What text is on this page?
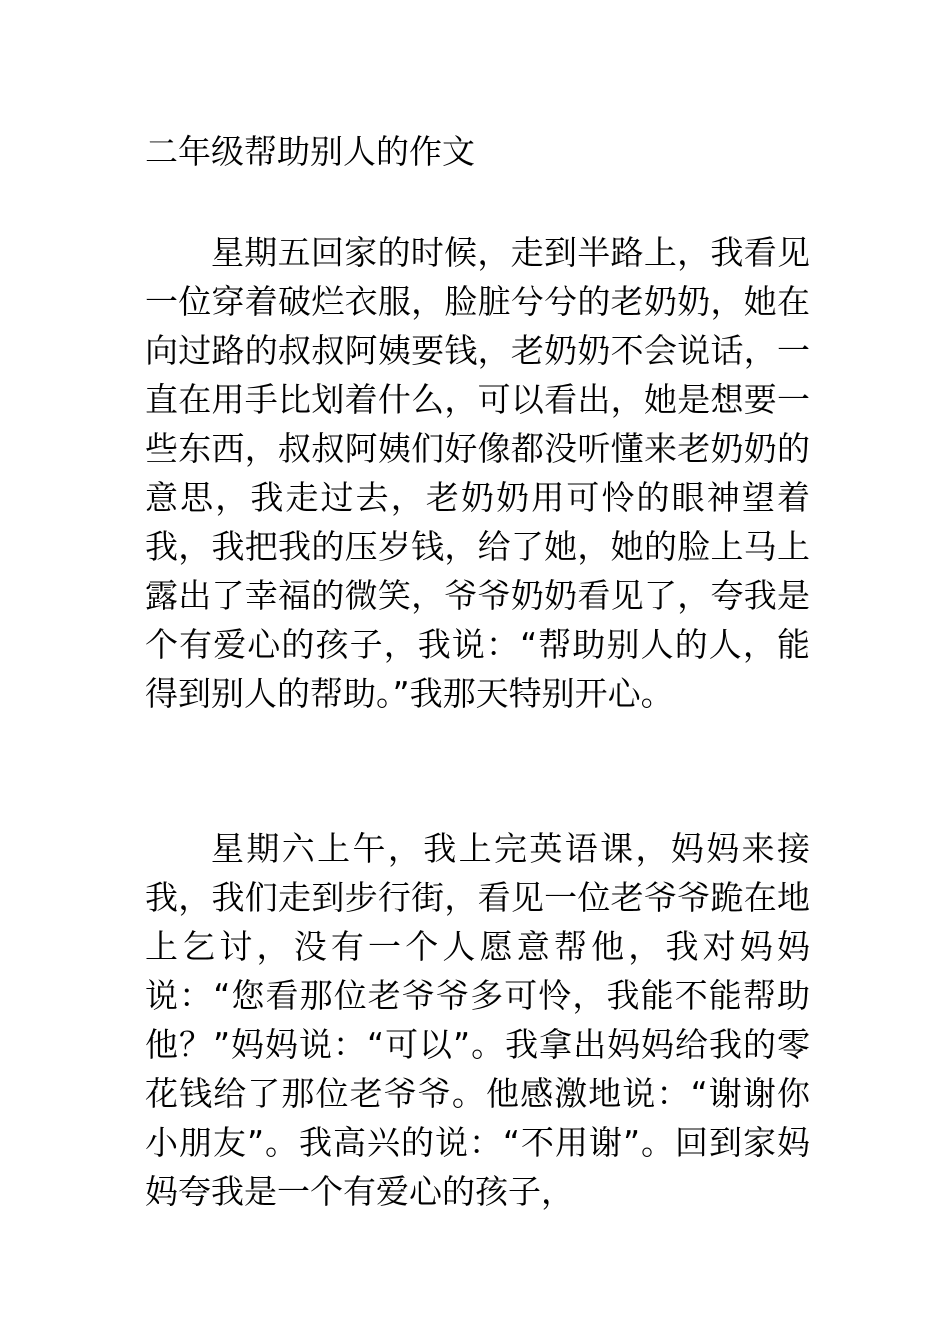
二年级帮助别人的作文

星期五回家的时候，走到半路上，我看见一位穿着破烂衣服，脸脏兮兮的老奶奶，她在向过路的叔叔阿姨要钱，老奶奶不会说话，一直在用手比划着什么，可以看出，她是想要一些东西，叔叔阿姨们好像都没听懂来老奶奶的意思，我走过去，老奶奶用可怜的眼神望着我，我把我的压岁钱，给了她，她的脸上马上露出了幸福的微笑，爷爷奶奶看见了，夸我是个有爱心的孩子，我说：“帮助别人的人，能得到别人的帮助。”我那天特别开心。

星期六上午，我上完英语课，妈妈来接我，我们走到步行街，看见一位老爷爷跪在地上乞讨，没有一个人愿意帮他，我对妈妈说：“您看那位老爷爷多可怜，我能不能帮助他？”妈妈说：“可以”。我拿出妈妈给我的零花钱给了那位老爷爷。他感激地说：“谢谢你小朋友”。我高兴的说：“不用谢”。回到家妈妈夸我是一个有爱心的孩子，
